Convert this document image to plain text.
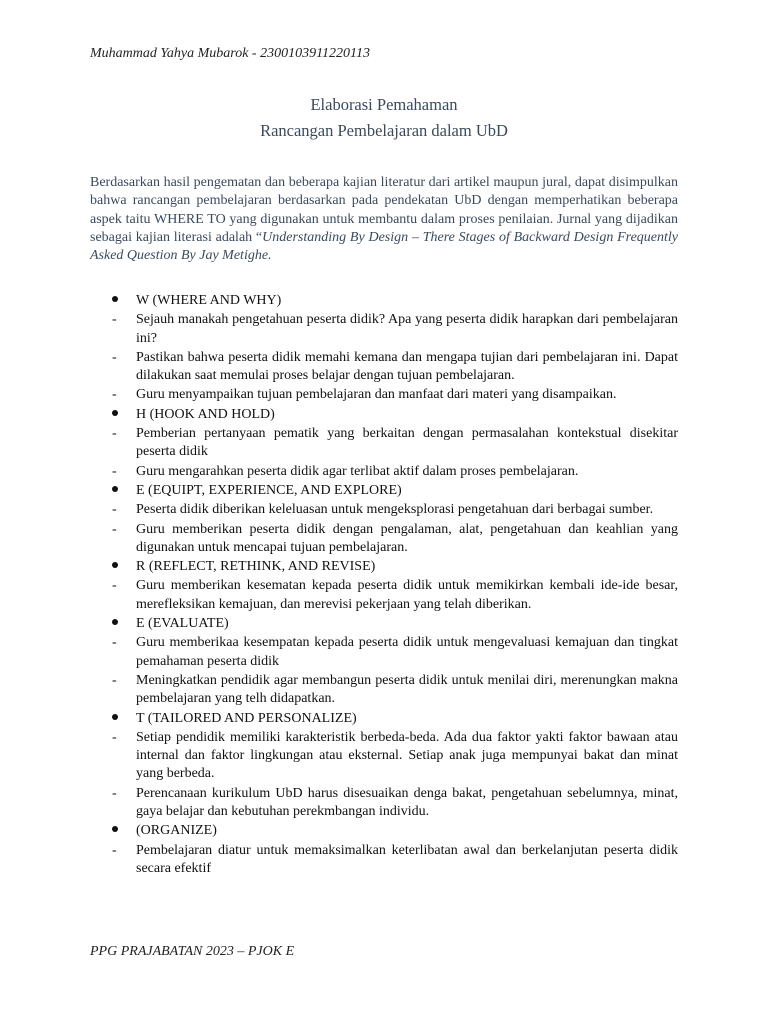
Muhammad Yahya Mubarok - 2300103911220113
Elaborasi Pemahaman
Rancangan Pembelajaran dalam UbD
Berdasarkan hasil pengematan dan beberapa kajian literatur dari artikel maupun jural, dapat disimpulkan bahwa rancangan pembelajaran berdasarkan pada pendekatan UbD dengan memperhatikan beberapa aspek taitu WHERE TO yang digunakan untuk membantu dalam proses penilaian. Jurnal yang dijadikan sebagai kajian literasi adalah “Understanding By Design – There Stages of Backward Design Frequently Asked Question By Jay Metighe.
W (WHERE AND WHY)
-	Sejauh manakah pengetahuan peserta didik? Apa yang peserta didik harapkan dari pembelajaran ini?
-	Pastikan bahwa peserta didik memahi kemana dan mengapa tujian dari pembelajaran ini. Dapat dilakukan saat memulai proses belajar dengan tujuan pembelajaran.
-	Guru menyampaikan tujuan pembelajaran dan manfaat dari materi yang disampaikan.
H (HOOK AND HOLD)
-	Pemberian pertanyaan pematik yang berkaitan dengan permasalahan kontekstual disekitar peserta didik
-	Guru mengarahkan peserta didik agar terlibat aktif dalam proses pembelajaran.
E (EQUIPT, EXPERIENCE, AND EXPLORE)
-	Peserta didik diberikan keleluasan untuk mengeksplorasi pengetahuan dari berbagai sumber.
-	Guru memberikan peserta didik dengan pengalaman, alat, pengetahuan dan keahlian yang digunakan untuk mencapai tujuan pembelajaran.
R (REFLECT, RETHINK, AND REVISE)
-	Guru memberikan kesematan kepada peserta didik untuk memikirkan kembali ide-ide besar, merefleksikan kemajuan, dan merevisi pekerjaan yang telah diberikan.
E (EVALUATE)
-	Guru memberikaa kesempatan kepada peserta didik untuk mengevaluasi kemajuan dan tingkat pemahaman peserta didik
-	Meningkatkan pendidik agar membangun peserta didik untuk menilai diri, merenungkan makna pembelajaran yang telh didapatkan.
T (TAILORED AND PERSONALIZE)
-	Setiap pendidik memiliki karakteristik berbeda-beda. Ada dua faktor yakti faktor bawaan atau internal dan faktor lingkungan atau eksternal. Setiap anak juga mempunyai bakat dan minat yang berbeda.
-	Perencanaan kurikulum UbD harus disesuaikan denga bakat, pengetahuan sebelumnya, minat, gaya belajar dan kebutuhan perekmbangan individu.
(ORGANIZE)
-	Pembelajaran diatur untuk memaksimalkan keterlibatan awal dan berkelanjutan peserta didik secara efektif
PPG PRAJABATAN 2023 – PJOK E
